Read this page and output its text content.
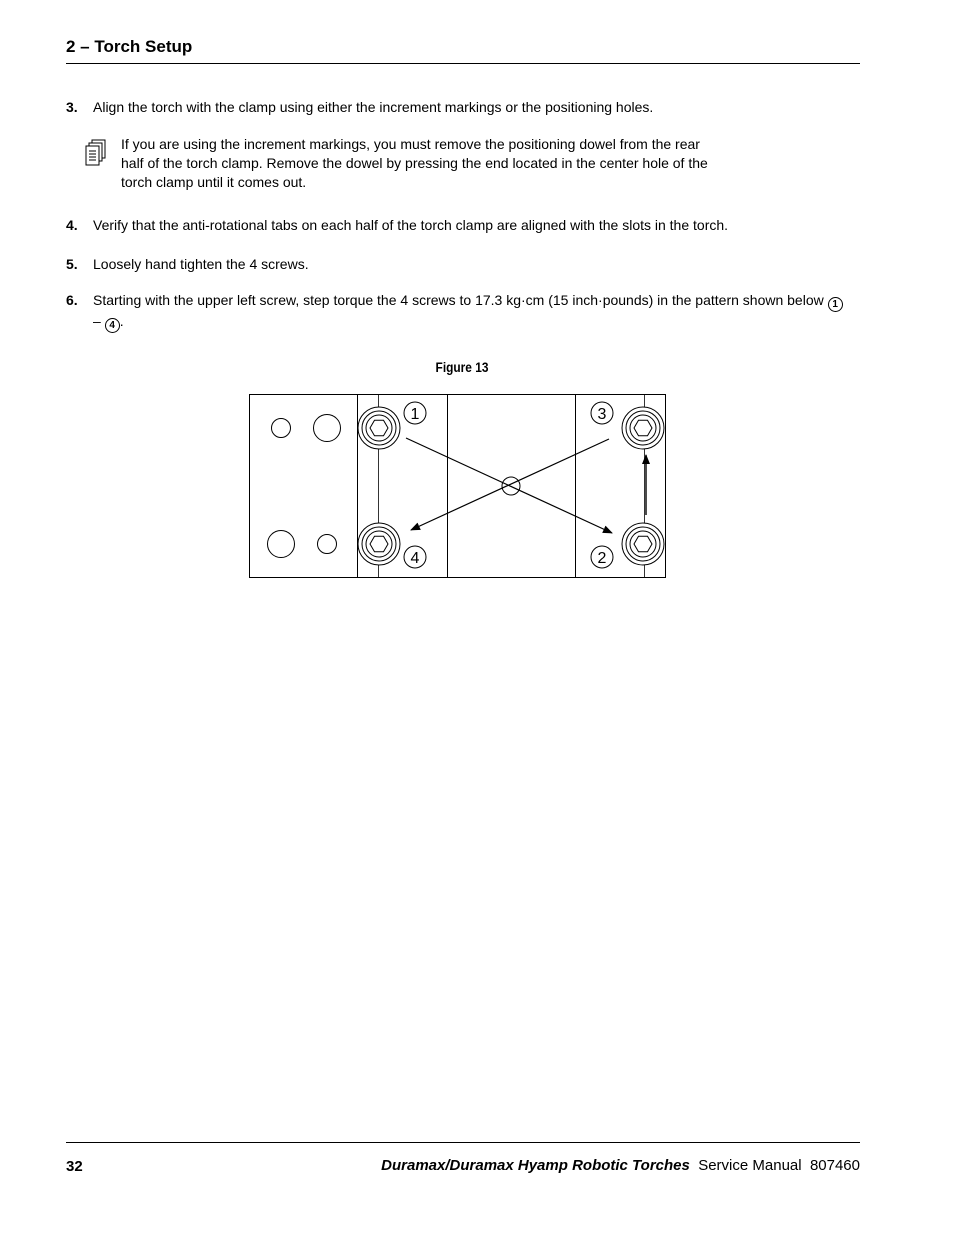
2 – Torch Setup
3.	Align the torch with the clamp using either the increment markings or the positioning holes.
If you are using the increment markings, you must remove the positioning dowel from the rear half of the torch clamp. Remove the dowel by pressing the end located in the center hole of the torch clamp until it comes out.
4.	Verify that the anti-rotational tabs on each half of the torch clamp are aligned with the slots in the torch.
5.	Loosely hand tighten the 4 screws.
6.	Starting with the upper left screw, step torque the 4 screws to 17.3 kg·cm (15 inch·pounds) in the pattern shown below 1 – 4 .
Figure 13
1	3
4	2
32	Duramax/Duramax Hyamp Robotic Torches Service Manual 807460
